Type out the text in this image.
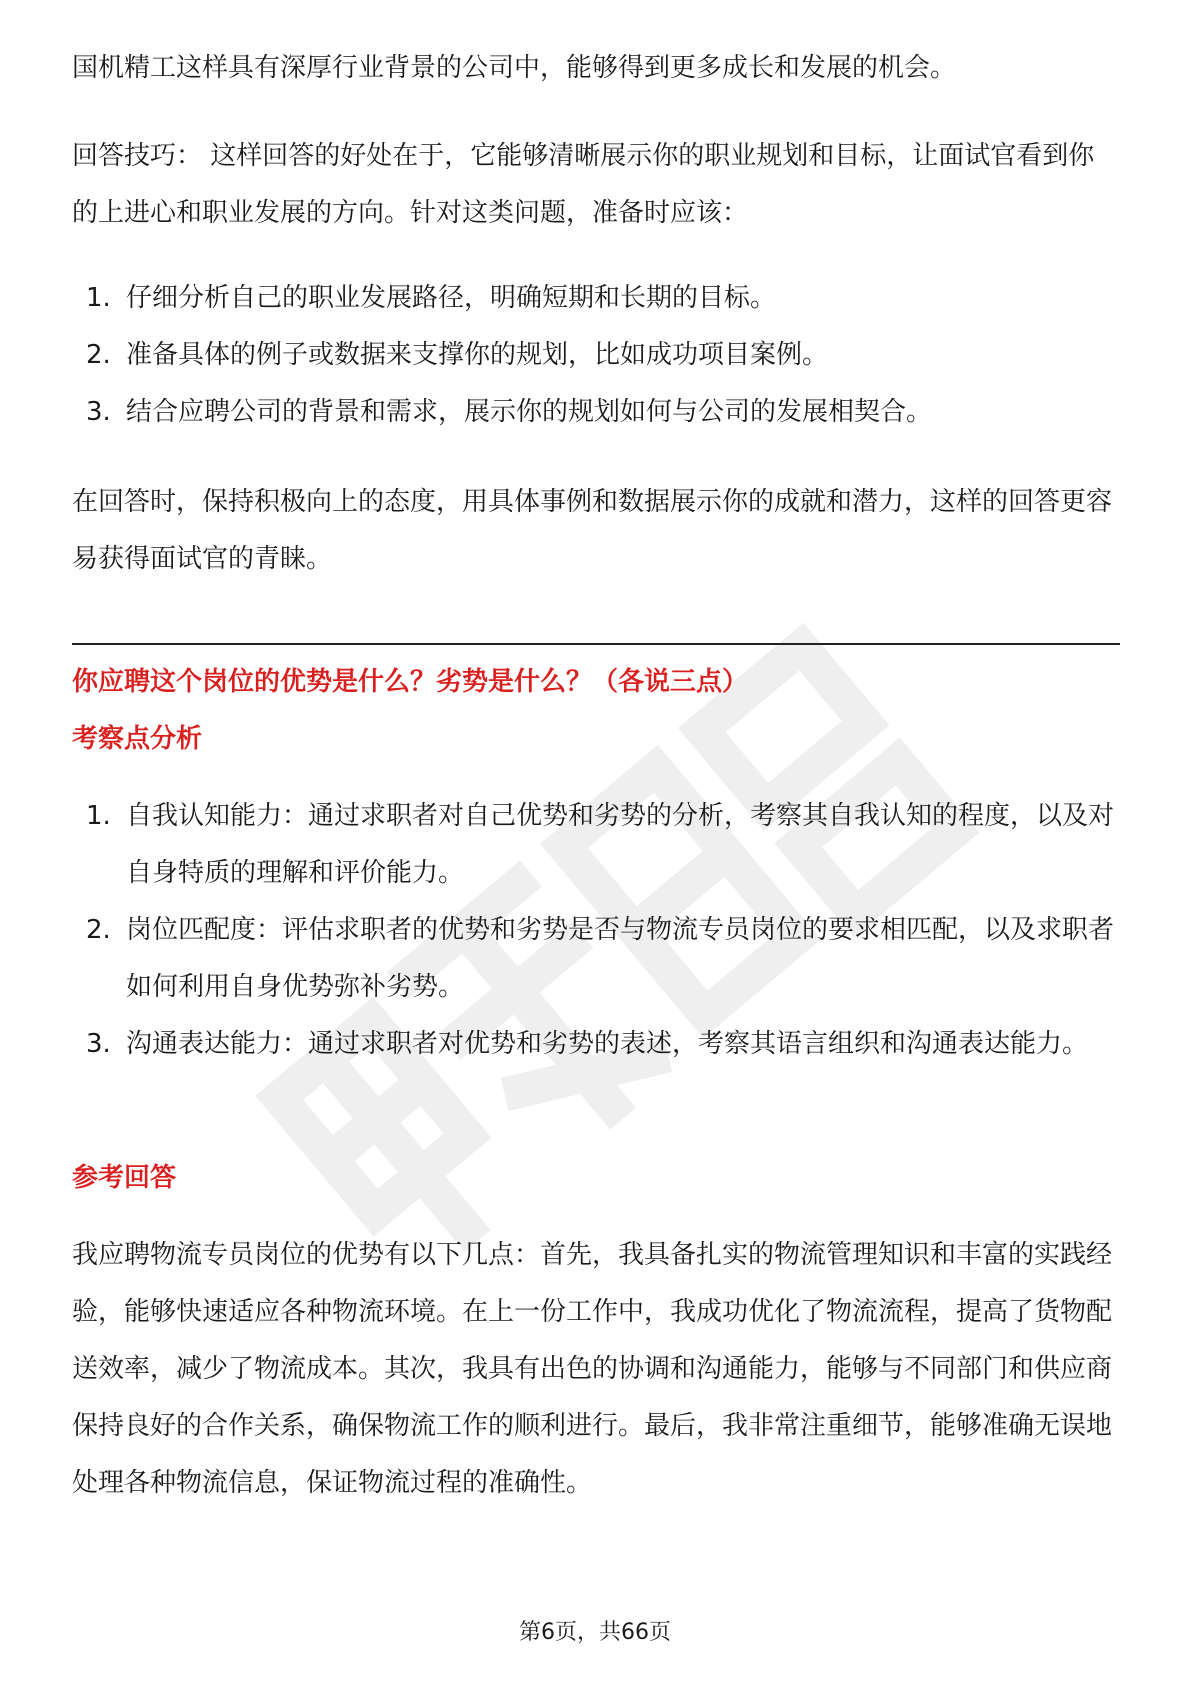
国机精工这样具有深厚行业背景的公司中，能够得到更多成长和发展的机会。

回答技巧： 这样回答的好处在于，它能够清晰展示你的职业规划和目标，让面试官看到你的上进心和职业发展的方向。针对这类问题，准备时应该：

1. 仔细分析自己的职业发展路径，明确短期和长期的目标。
2. 准备具体的例子或数据来支撑你的规划，比如成功项目案例。
3. 结合应聘公司的背景和需求，展示你的规划如何与公司的发展相契合。

在回答时，保持积极向上的态度，用具体事例和数据展示你的成就和潜力，这样的回答更容易获得面试官的青睐。

你应聘这个岗位的优势是什么？劣势是什么？（各说三点）
考察点分析
1. 自我认知能力：通过求职者对自己优势和劣势的分析，考察其自我认知的程度，以及对自身特质的理解和评价能力。
2. 岗位匹配度：评估求职者的优势和劣势是否与物流专员岗位的要求相匹配，以及求职者如何利用自身优势弥补劣势。
3. 沟通表达能力：通过求职者对优势和劣势的表述，考察其语言组织和沟通表达能力。
参考回答

我应聘物流专员岗位的优势有以下几点：首先，我具备扎实的物流管理知识和丰富的实践经验，能够快速适应各种物流环境。在上一份工作中，我成功优化了物流流程，提高了货物配送效率，减少了物流成本。其次，我具有出色的协调和沟通能力，能够与不同部门和供应商保持良好的合作关系，确保物流工作的顺利进行。最后，我非常注重细节，能够准确无误地处理各种物流信息，保证物流过程的准确性。

第6页，共66页
